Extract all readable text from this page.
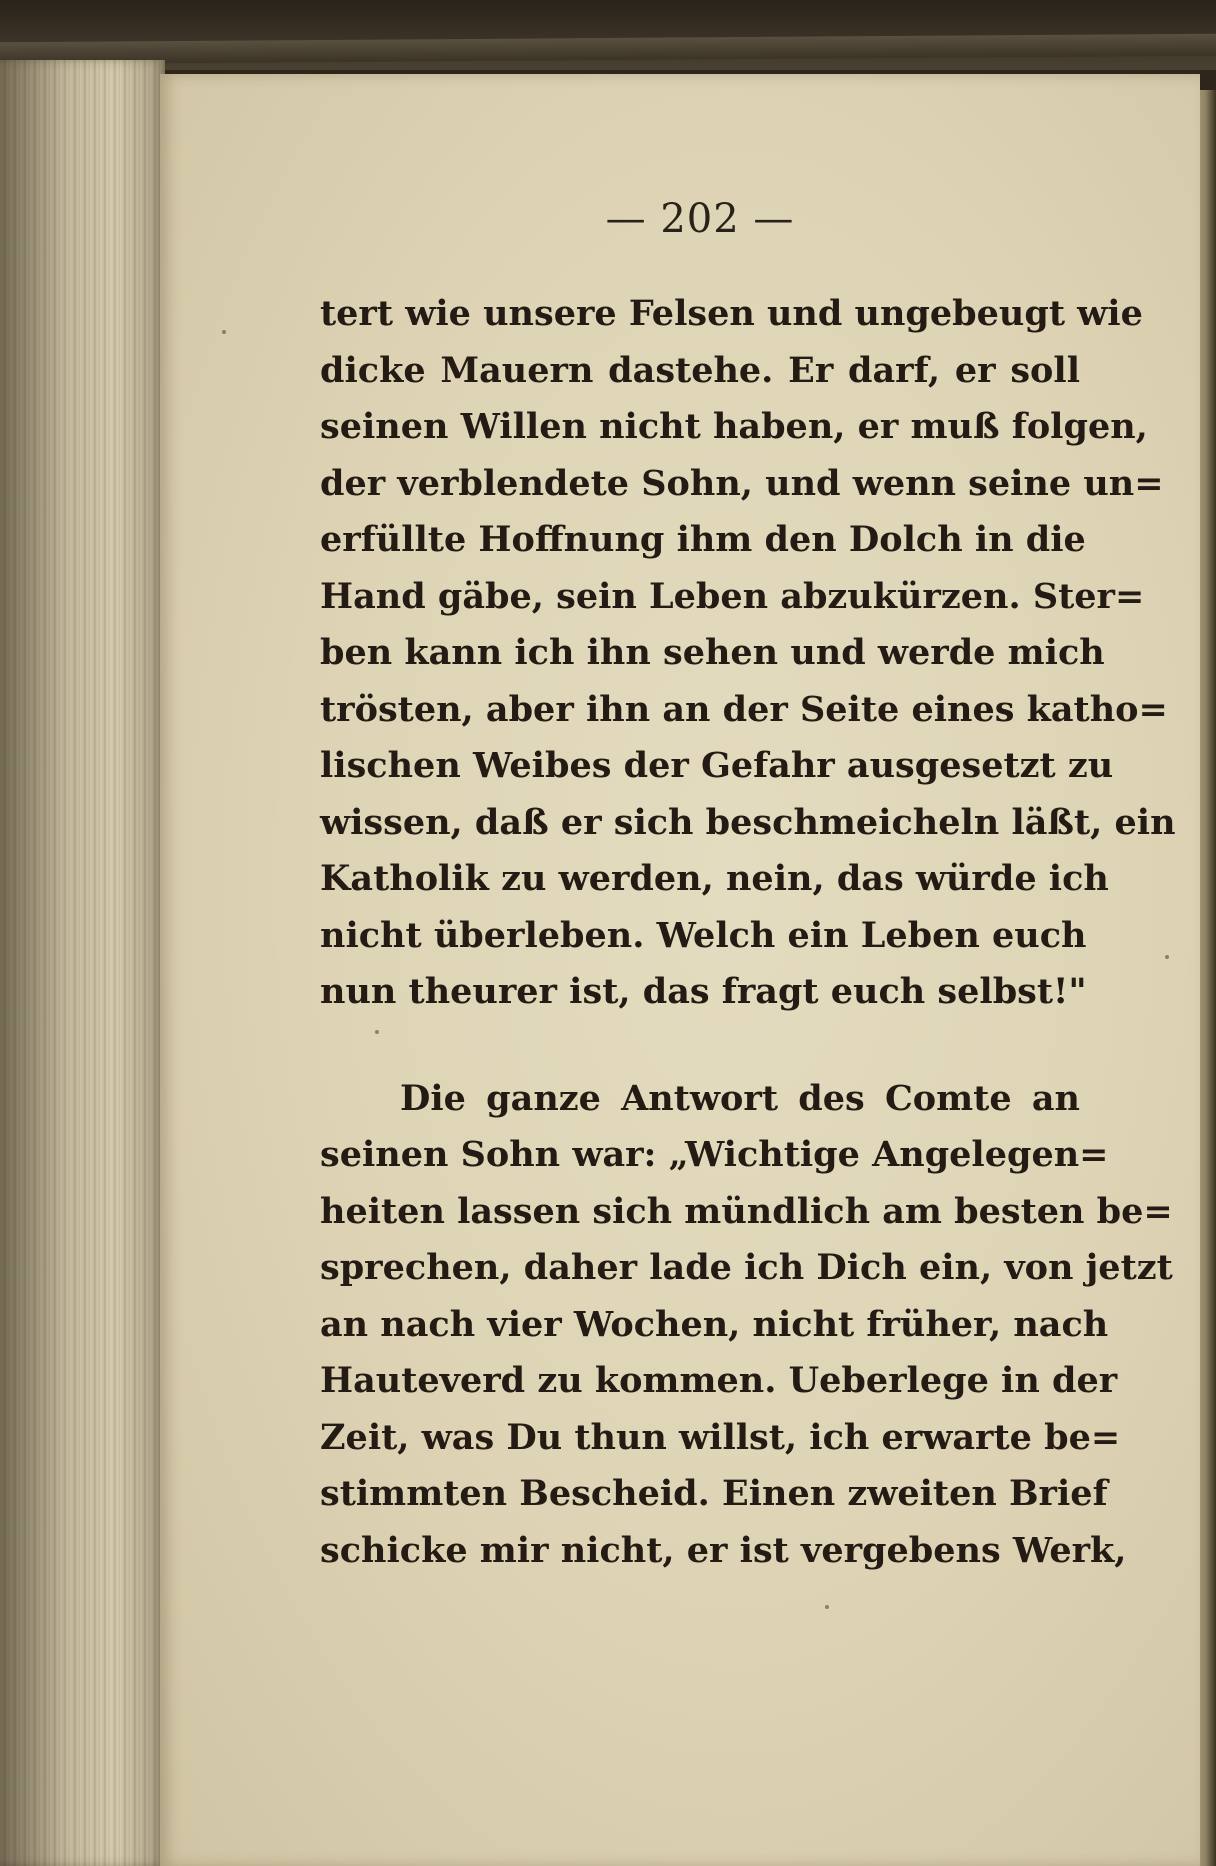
— 202 —
tert wie unsere Felsen und ungebeugt wie
dicke Mauern dastehe. Er darf, er soll
seinen Willen nicht haben, er muß folgen,
der verblendete Sohn, und wenn seine un=
erfüllte Hoffnung ihm den Dolch in die
Hand gäbe, sein Leben abzukürzen. Ster=
ben kann ich ihn sehen und werde mich
trösten, aber ihn an der Seite eines katho=
lischen Weibes der Gefahr ausgesetzt zu
wissen, daß er sich beschmeicheln läßt, ein
Katholik zu werden, nein, das würde ich
nicht überleben. Welch ein Leben euch
nun theurer ist, das fragt euch selbst!"
Die ganze Antwort des Comte an
seinen Sohn war: „Wichtige Angelegen=
heiten lassen sich mündlich am besten be=
sprechen, daher lade ich Dich ein, von jetzt
an nach vier Wochen, nicht früher, nach
Hauteverd zu kommen. Ueberlege in der
Zeit, was Du thun willst, ich erwarte be=
stimmten Bescheid. Einen zweiten Brief
schicke mir nicht, er ist vergebens Werk,
